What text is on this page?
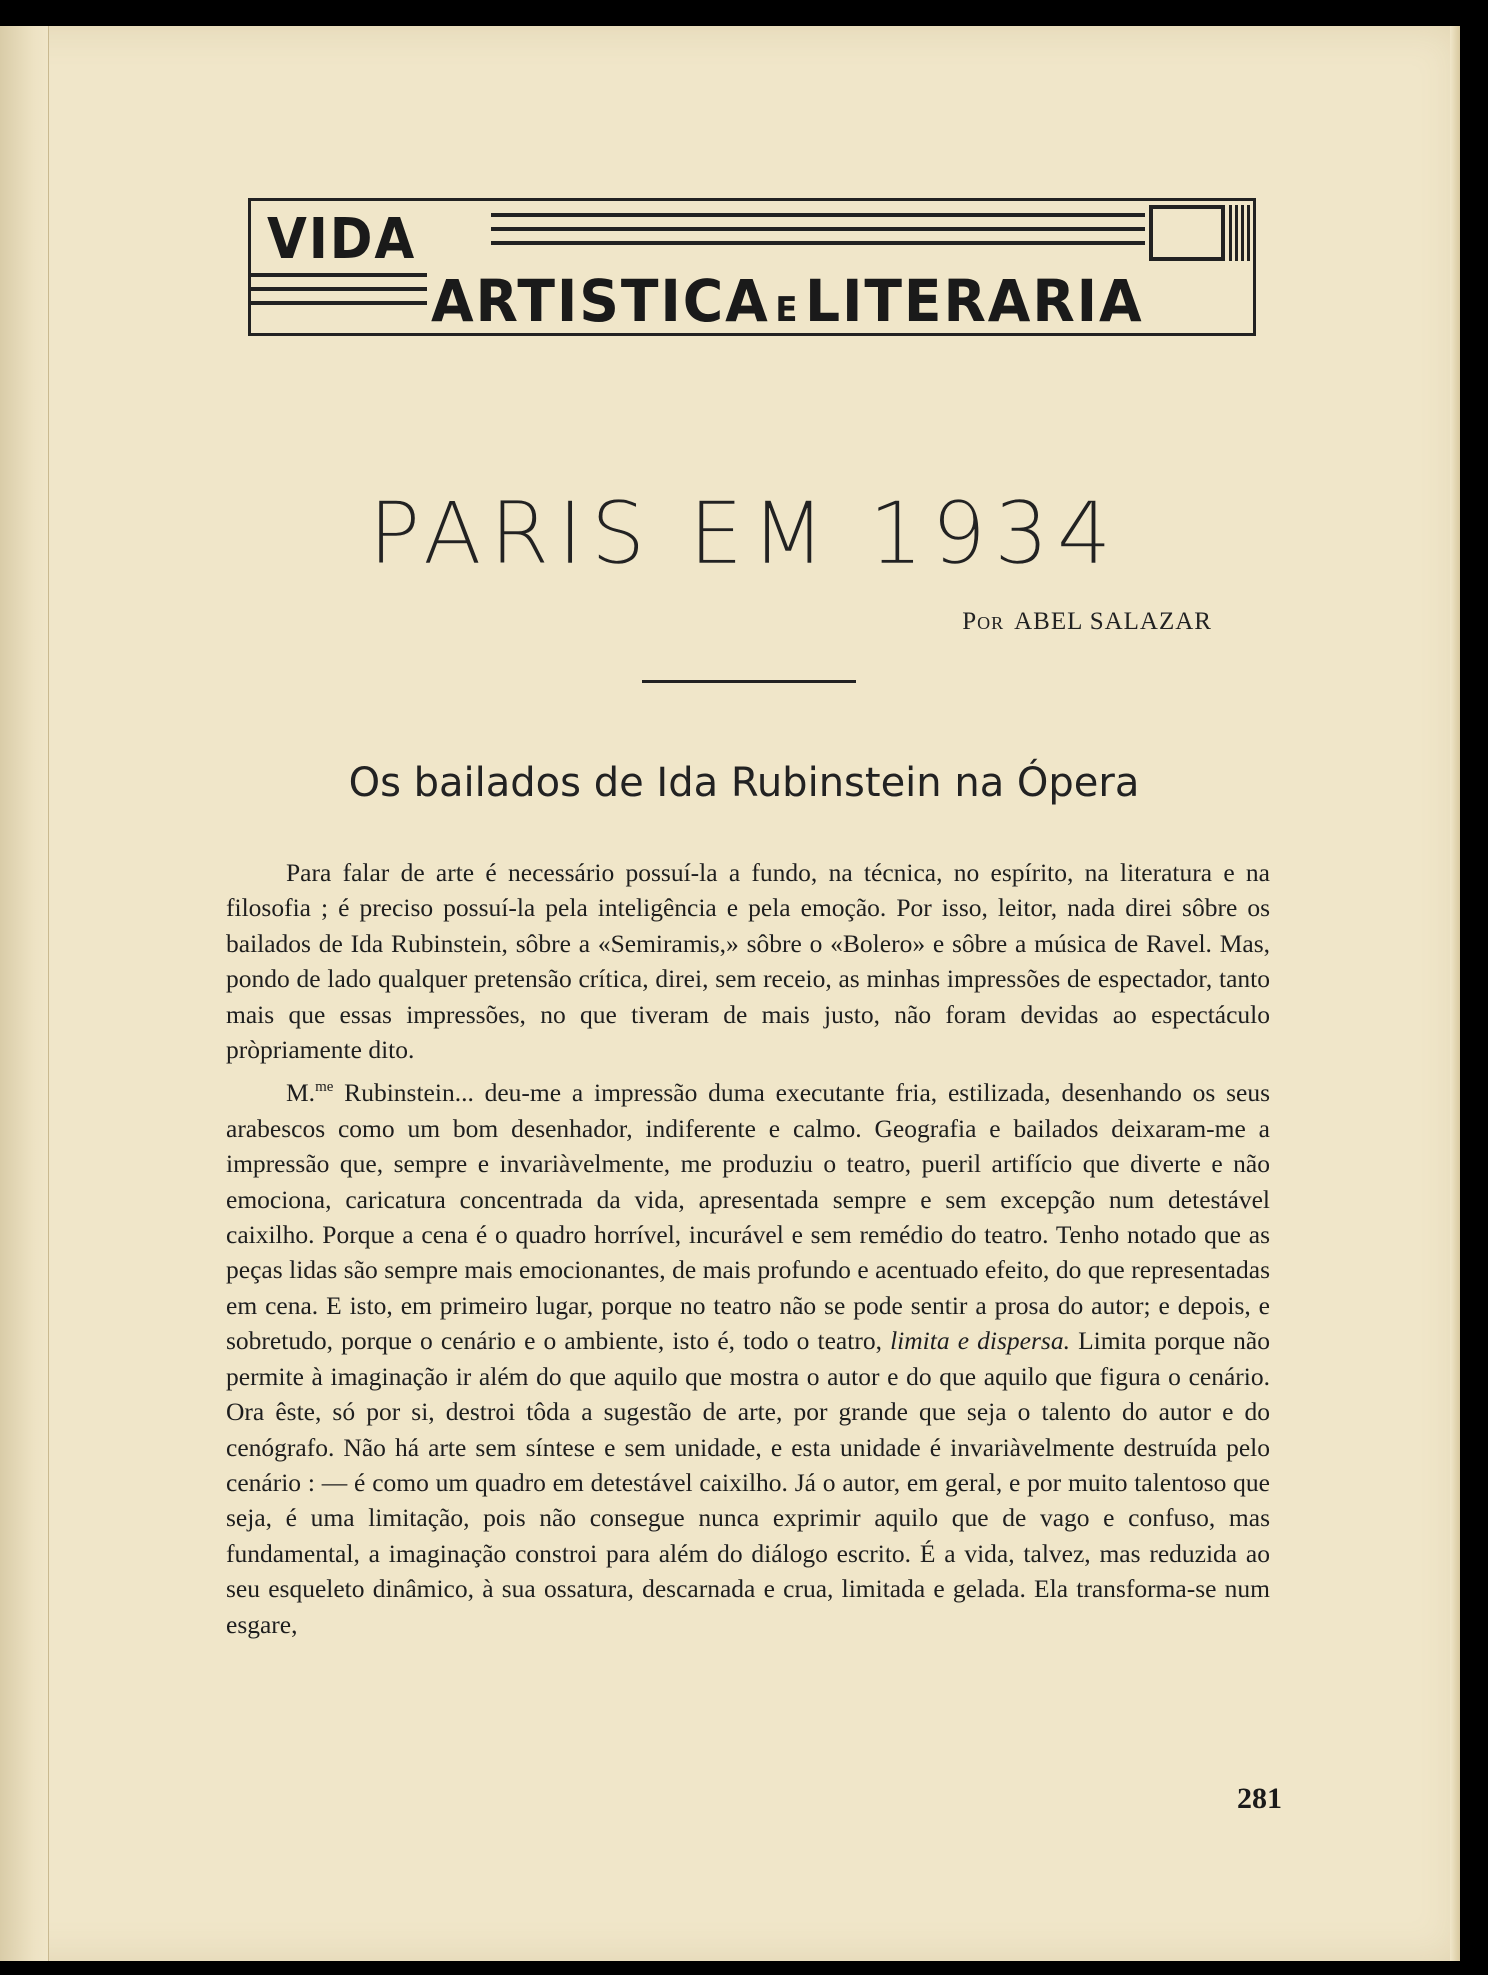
VIDA
ARTISTICA ELITERARIA
PARIS EM 1934
Por ABEL SALAZAR
Os bailados de Ida Rubinstein na Ópera

Para falar de arte é necessário possuí-la a fundo, na técnica, no espírito, na literatura e na filosofia ; é preciso possuí-la pela inteligência e pela emoção. Por isso, leitor, nada direi sôbre os bailados de Ida Rubinstein, sôbre a «Semiramis,» sôbre o «Bolero» e sôbre a música de Ravel. Mas, pondo de lado qualquer pretensão crítica, direi, sem receio, as minhas impressões de espectador, tanto mais que essas impressões, no que tiveram de mais justo, não foram devidas ao espectáculo pròpriamente dito.

M.$^{me}$ Rubinstein... deu-me a impressão duma executante fria, estilizada, desenhando os seus arabescos como um bom desenhador, indiferente e calmo. Geografia e bailados deixaram-me a impressão que, sempre e invariàvelmente, me produziu o teatro, pueril artifício que diverte e não emociona, caricatura concentrada da vida, apresentada sempre e sem excepção num detestável caixilho. Porque a cena é o quadro horrível, incurável e sem remédio do teatro. Tenho notado que as peças lidas são sempre mais emocionantes, de mais profundo e acentuado efeito, do que representadas em cena. E isto, em primeiro lugar, porque no teatro não se pode sentir a prosa do autor; e depois, e sobretudo, porque o cenário e o ambiente, isto é, todo o teatro, limita e dispersa. Limita porque não permite à imaginação ir além do que aquilo que mostra o autor e do que aquilo que figura o cenário. Ora êste, só por si, destroi tôda a sugestão de arte, por grande que seja o talento do autor e do cenógrafo. Não há arte sem síntese e sem unidade, e esta unidade é invariàvelmente destruída pelo cenário : — é como um quadro em detestável caixilho. Já o autor, em geral, e por muito talentoso que seja, é uma limitação, pois não consegue nunca exprimir aquilo que de vago e confuso, mas fundamental, a imaginação constroi para além do diálogo escrito. É a vida, talvez, mas reduzida ao seu esqueleto dinâmico, à sua ossatura, descarnada e crua, limitada e gelada. Ela transforma-se num esgare,

281
